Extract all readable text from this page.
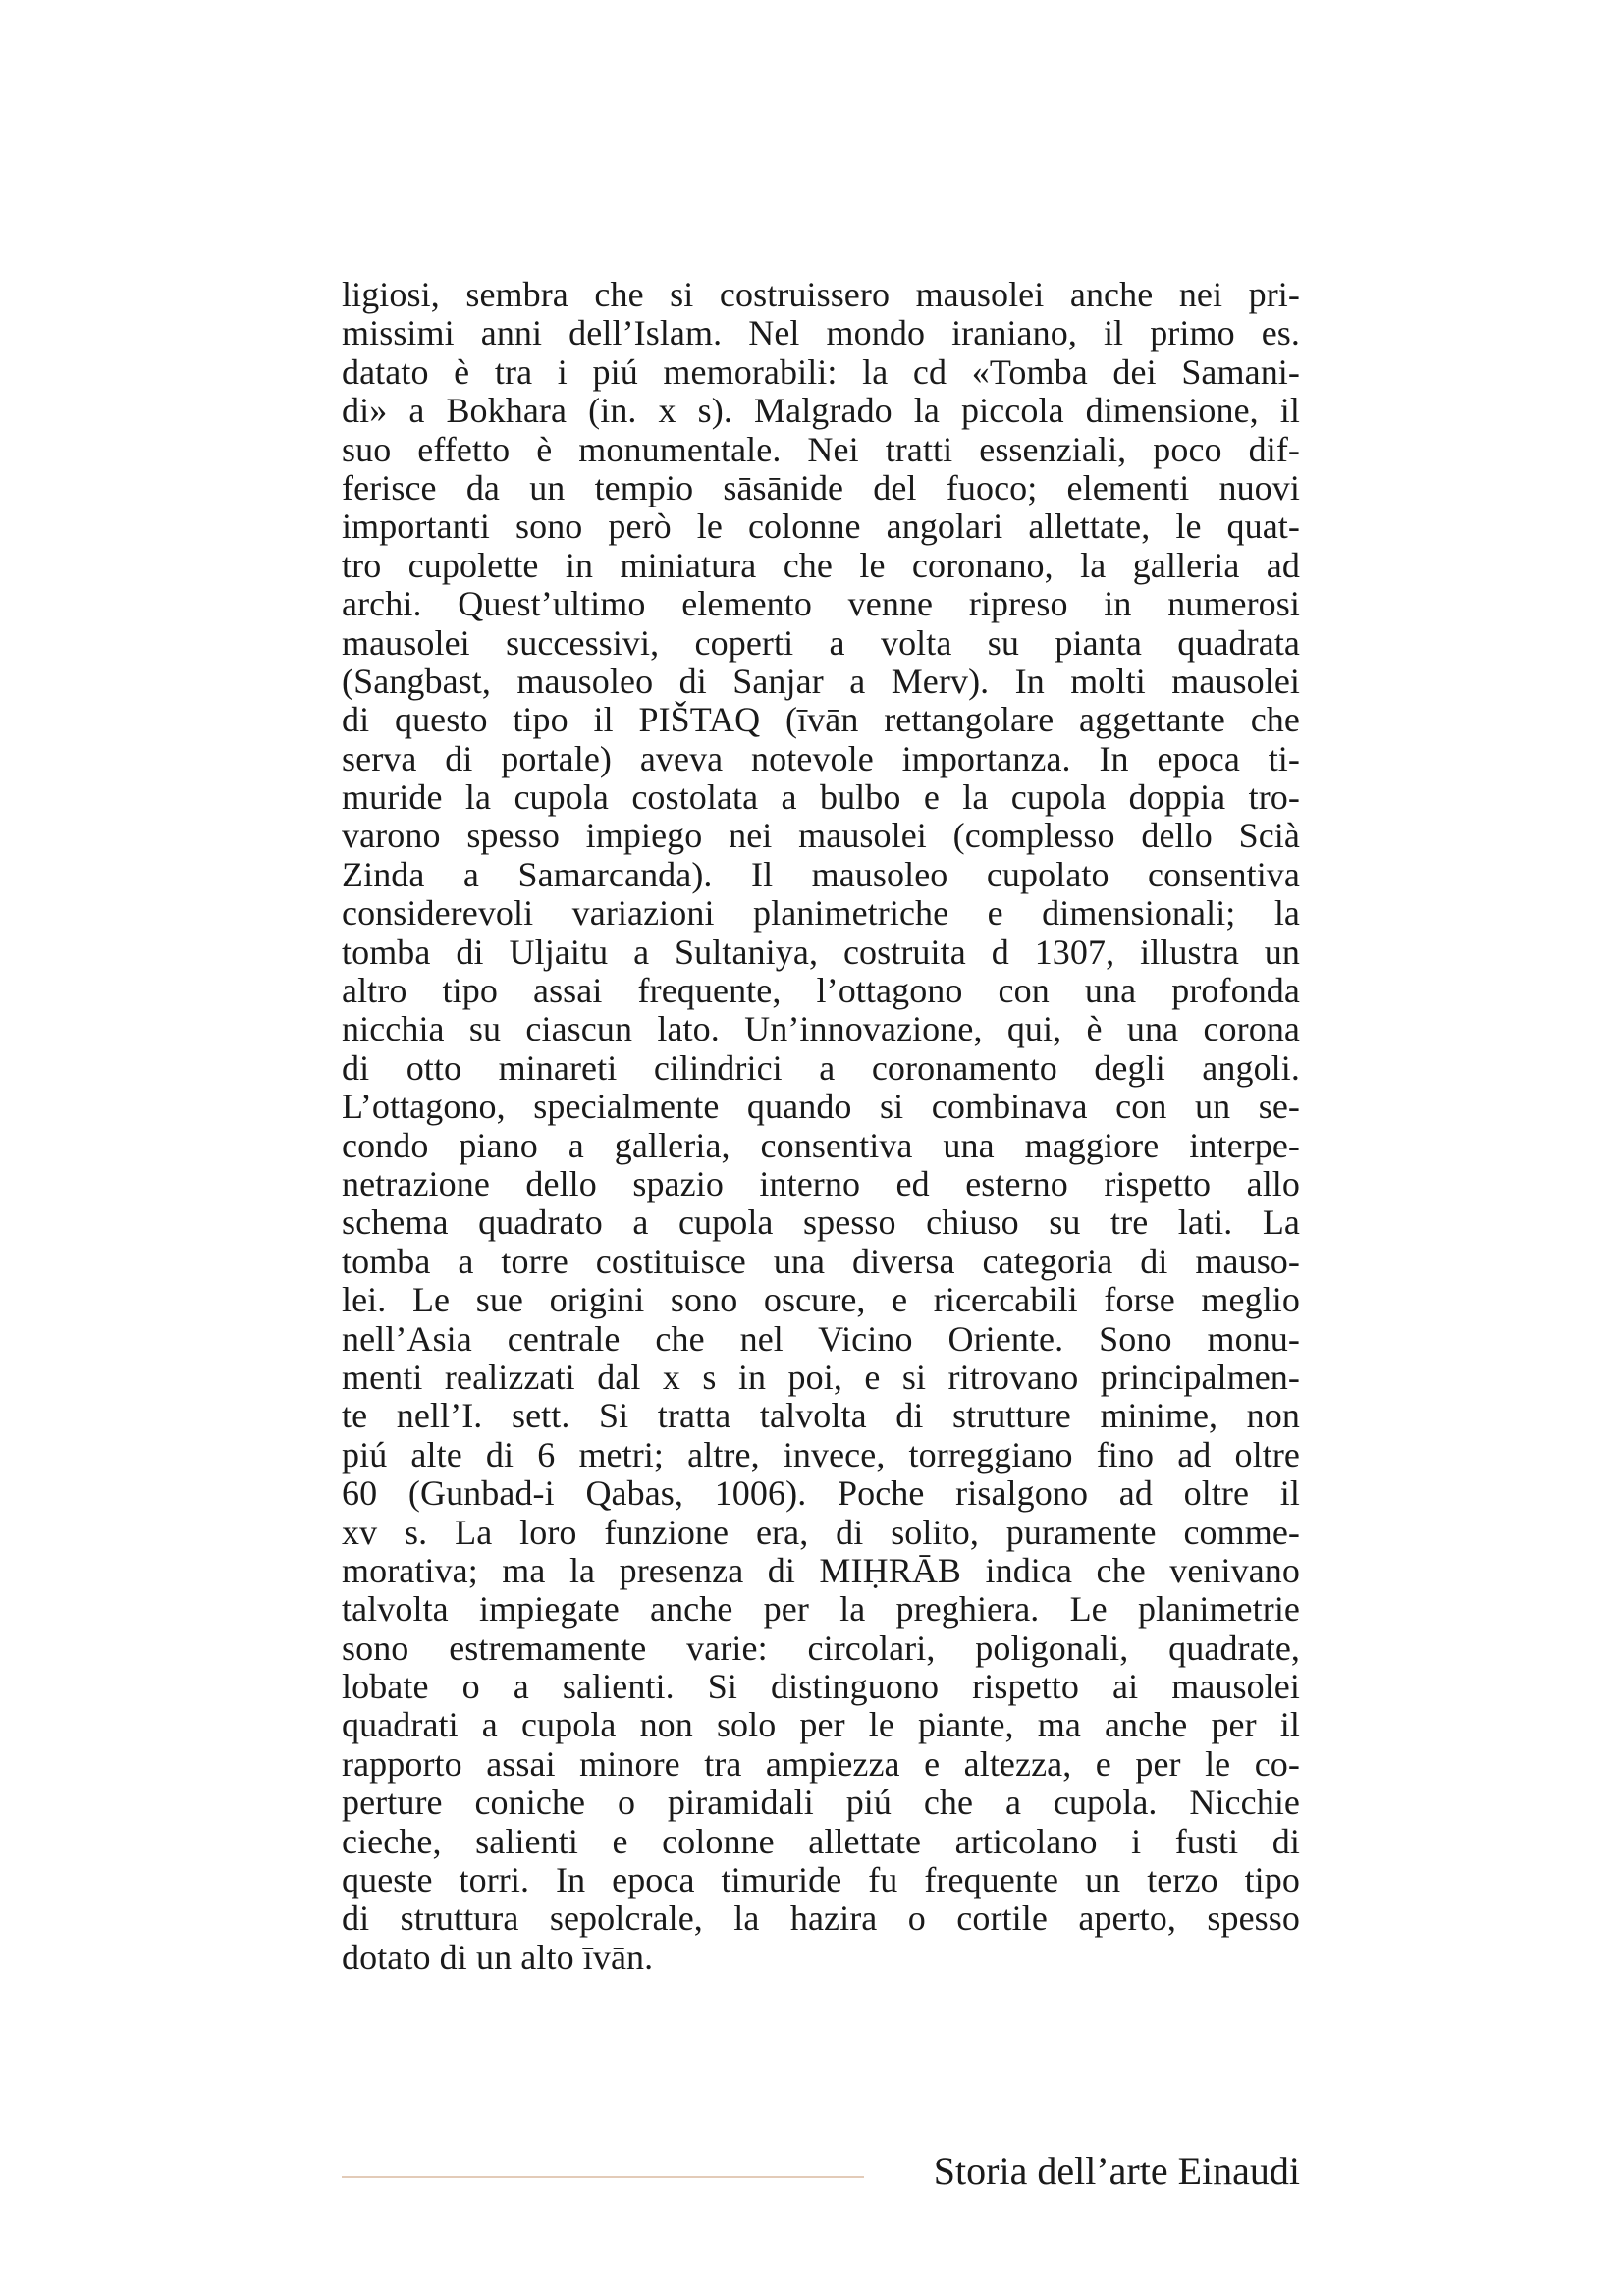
ligiosi, sembra che si costruissero mausolei anche nei pri-
missimi anni dell’Islam. Nel mondo iraniano, il primo es.
datato è tra i piú memorabili: la cd «Tomba dei Samani-
di» a Bokhara (in. x s). Malgrado la piccola dimensione, il
suo effetto è monumentale. Nei tratti essenziali, poco dif-
ferisce da un tempio sāsānide del fuoco; elementi nuovi
importanti sono però le colonne angolari allettate, le quat-
tro cupolette in miniatura che le coronano, la galleria ad
archi. Quest’ultimo elemento venne ripreso in numerosi
mausolei successivi, coperti a volta su pianta quadrata
(Sangbast, mausoleo di Sanjar a Merv). In molti mausolei
di questo tipo il PIŠTAQ (īvān rettangolare aggettante che
serva di portale) aveva notevole importanza. In epoca ti-
muride la cupola costolata a bulbo e la cupola doppia tro-
varono spesso impiego nei mausolei (complesso dello Scià
Zinda a Samarcanda). Il mausoleo cupolato consentiva
considerevoli variazioni planimetriche e dimensionali; la
tomba di Uljaitu a Sultaniya, costruita d 1307, illustra un
altro tipo assai frequente, l’ottagono con una profonda
nicchia su ciascun lato. Un’innovazione, qui, è una corona
di otto minareti cilindrici a coronamento degli angoli.
L’ottagono, specialmente quando si combinava con un se-
condo piano a galleria, consentiva una maggiore interpe-
netrazione dello spazio interno ed esterno rispetto allo
schema quadrato a cupola spesso chiuso su tre lati. La
tomba a torre costituisce una diversa categoria di mauso-
lei. Le sue origini sono oscure, e ricercabili forse meglio
nell’Asia centrale che nel Vicino Oriente. Sono monu-
menti realizzati dal x s in poi, e si ritrovano principalmen-
te nell’I. sett. Si tratta talvolta di strutture minime, non
piú alte di 6 metri; altre, invece, torreggiano fino ad oltre
60 (Gunbad-i Qabas, 1006). Poche risalgono ad oltre il
xv s. La loro funzione era, di solito, puramente comme-
morativa; ma la presenza di MIḤRĀB indica che venivano
talvolta impiegate anche per la preghiera. Le planimetrie
sono estremamente varie: circolari, poligonali, quadrate,
lobate o a salienti. Si distinguono rispetto ai mausolei
quadrati a cupola non solo per le piante, ma anche per il
rapporto assai minore tra ampiezza e altezza, e per le co-
perture coniche o piramidali piú che a cupola. Nicchie
cieche, salienti e colonne allettate articolano i fusti di
queste torri. In epoca timuride fu frequente un terzo tipo
di struttura sepolcrale, la hazira o cortile aperto, spesso
dotato di un alto īvān.
Storia dell’arte Einaudi
